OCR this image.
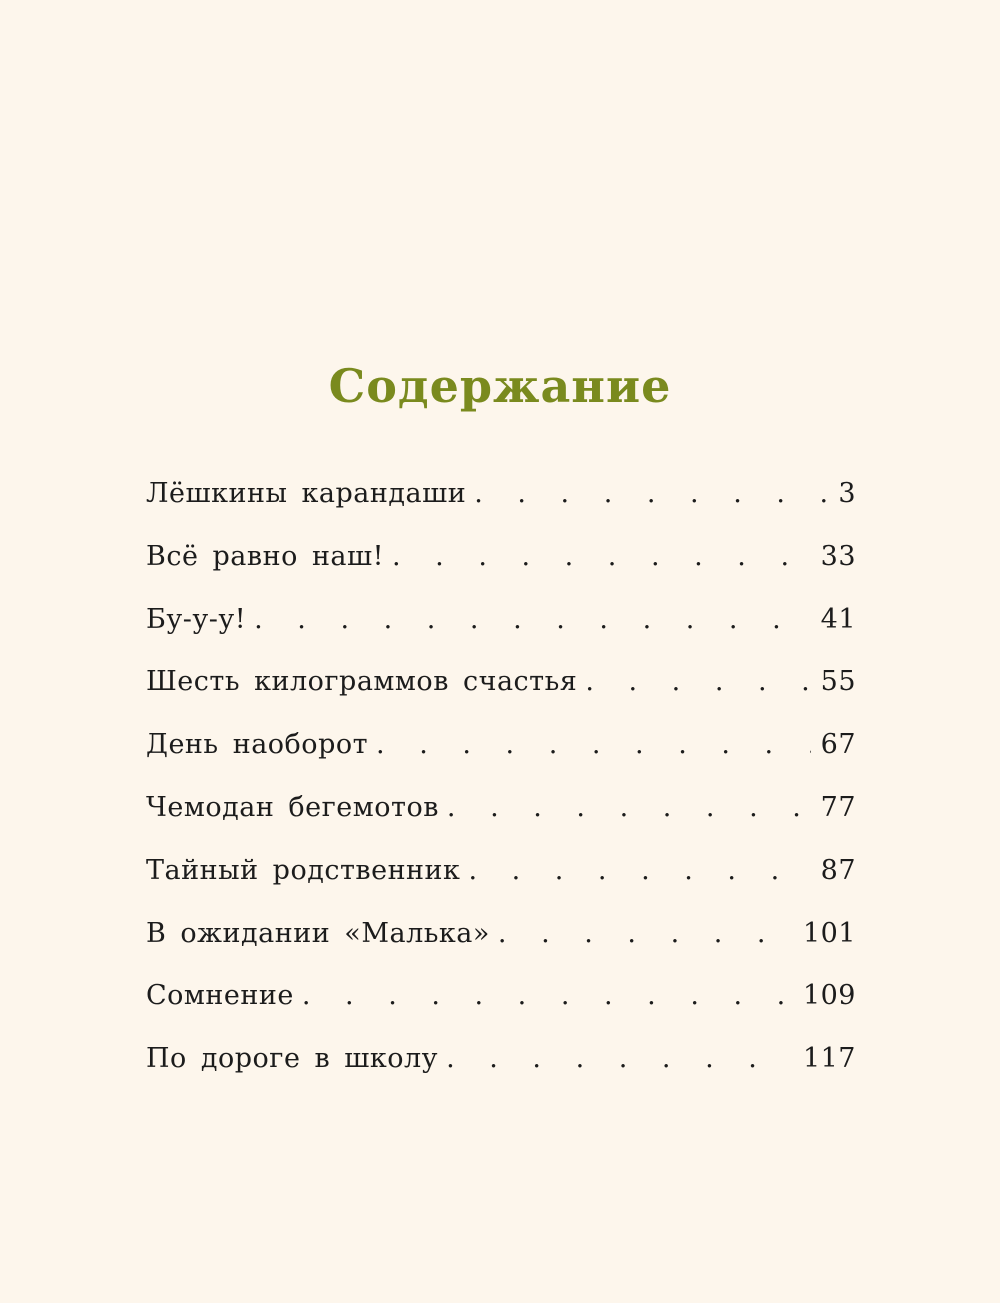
Содержание
Лёшкины карандаши . . .	3
Всё равно наш! . . .	33
Бу-у-у! . . .	41
Шесть килограммов счастья . . .	55
День наоборот . . .	67
Чемодан бегемотов . . .	77
Тайный родственник . . .	87
В ожидании «Малька» . . .	101
Сомнение . . .	109
По дороге в школу . . .	117
